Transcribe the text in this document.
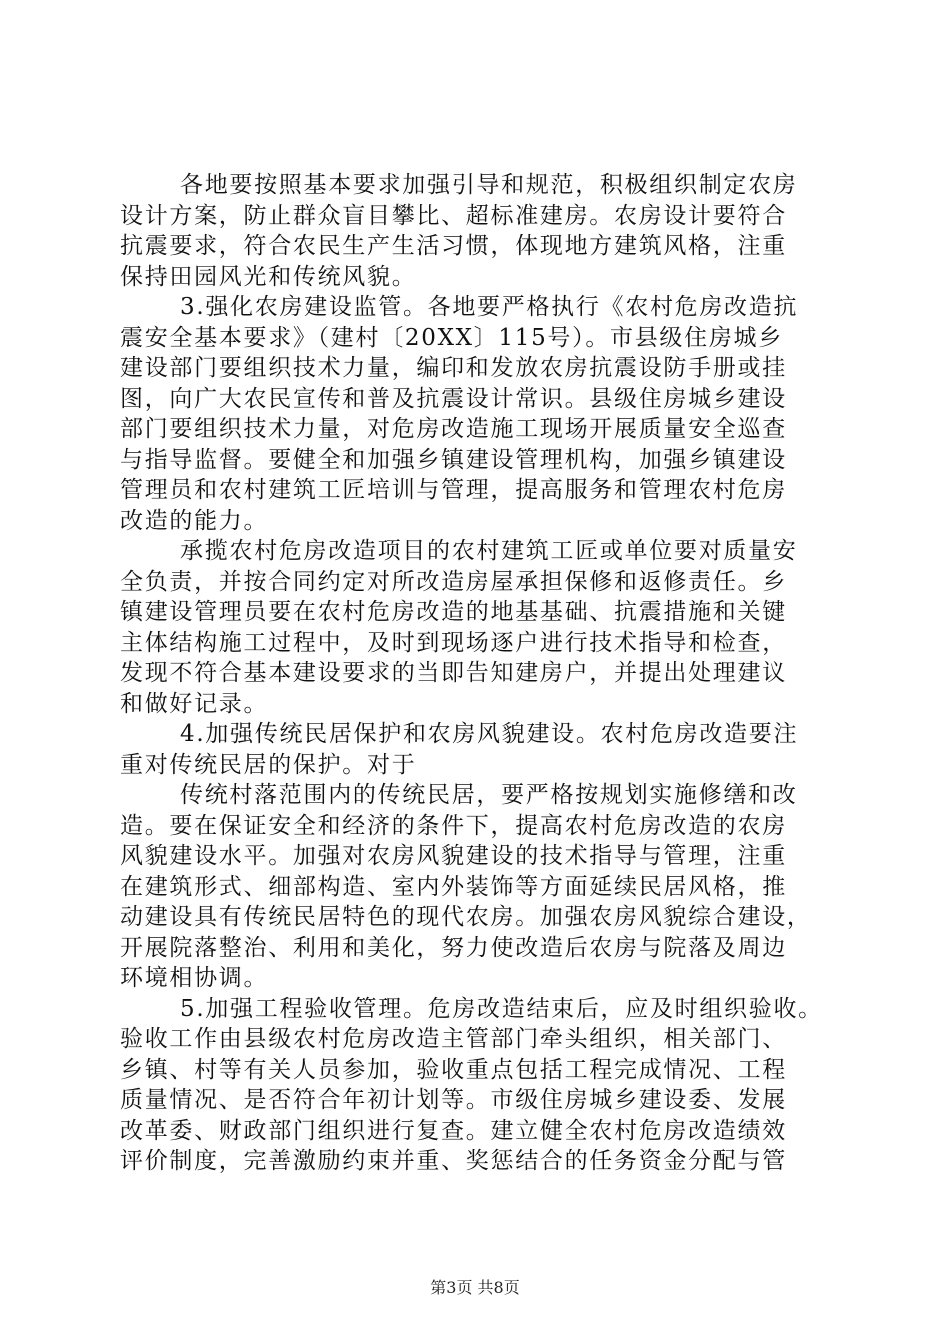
各地要按照基本要求加强引导和规范，积极组织制定农房
设计方案，防止群众盲目攀比、超标准建房。农房设计要符合
抗震要求，符合农民生产生活习惯，体现地方建筑风格，注重
保持田园风光和传统风貌。
3.强化农房建设监管。各地要严格执行《农村危房改造抗
震安全基本要求》（建村〔20XX〕115号）。市县级住房城乡
建设部门要组织技术力量，编印和发放农房抗震设防手册或挂
图，向广大农民宣传和普及抗震设计常识。县级住房城乡建设
部门要组织技术力量，对危房改造施工现场开展质量安全巡查
与指导监督。要健全和加强乡镇建设管理机构，加强乡镇建设
管理员和农村建筑工匠培训与管理，提高服务和管理农村危房
改造的能力。
承揽农村危房改造项目的农村建筑工匠或单位要对质量安
全负责，并按合同约定对所改造房屋承担保修和返修责任。乡
镇建设管理员要在农村危房改造的地基基础、抗震措施和关键
主体结构施工过程中，及时到现场逐户进行技术指导和检查，
发现不符合基本建设要求的当即告知建房户，并提出处理建议
和做好记录。
4.加强传统民居保护和农房风貌建设。农村危房改造要注
重对传统民居的保护。对于
传统村落范围内的传统民居，要严格按规划实施修缮和改
造。要在保证安全和经济的条件下，提高农村危房改造的农房
风貌建设水平。加强对农房风貌建设的技术指导与管理，注重
在建筑形式、细部构造、室内外装饰等方面延续民居风格，推
动建设具有传统民居特色的现代农房。加强农房风貌综合建设，
开展院落整治、利用和美化，努力使改造后农房与院落及周边
环境相协调。
5.加强工程验收管理。危房改造结束后，应及时组织验收。
验收工作由县级农村危房改造主管部门牵头组织，相关部门、
乡镇、村等有关人员参加，验收重点包括工程完成情况、工程
质量情况、是否符合年初计划等。市级住房城乡建设委、发展
改革委、财政部门组织进行复查。建立健全农村危房改造绩效
评价制度，完善激励约束并重、奖惩结合的任务资金分配与管
第3页 共8页
